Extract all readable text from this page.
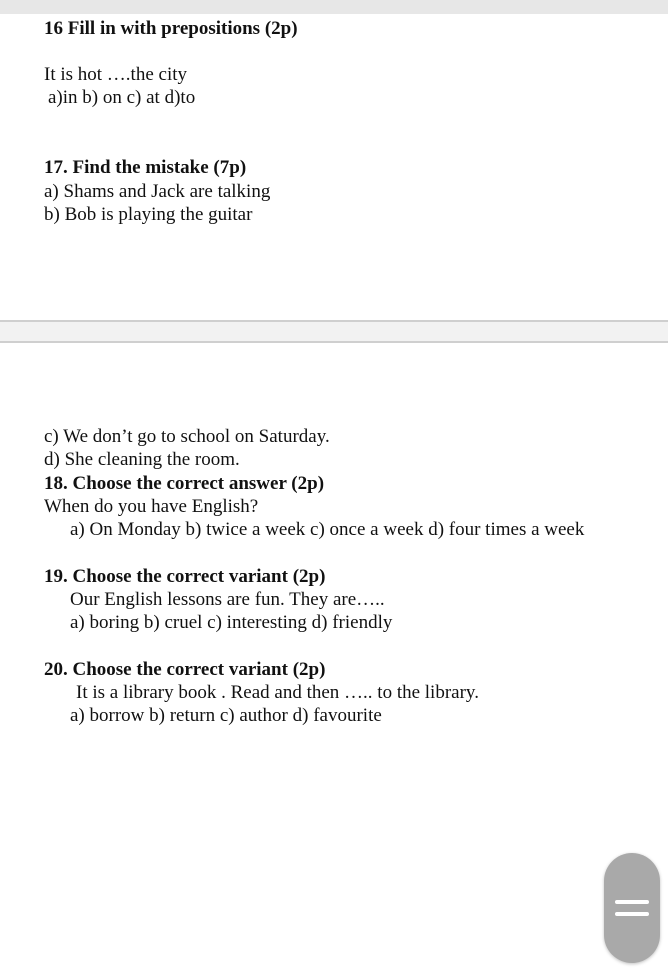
16 Fill in with prepositions (2p)
It is hot ….the city
a)in b) on c) at d)to
17. Find the mistake (7p)
a) Shams and Jack are talking
b) Bob is playing the guitar
c) We don’t go to school on Saturday.
d) She cleaning the room.
18. Choose the correct answer (2p)
When do you have English?
a) On Monday b) twice a week c) once a week d) four times a week
19. Choose the correct variant (2p)
Our English lessons are fun. They are…..
a) boring b) cruel c) interesting d) friendly
20. Choose the correct variant (2p)
It is a library book . Read and then ….. to the library.
a) borrow b) return c) author d) favourite
